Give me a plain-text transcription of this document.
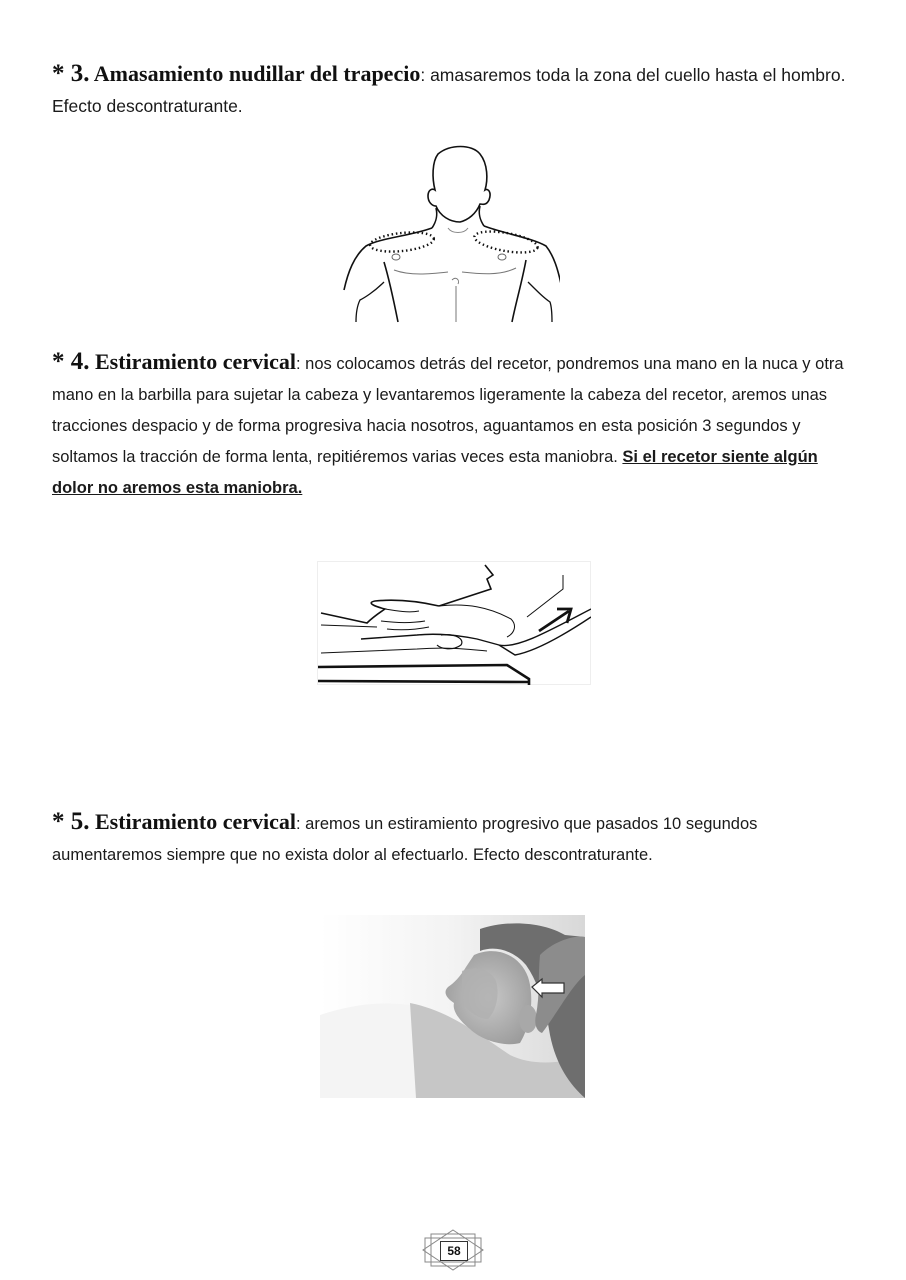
* 3. Amasamiento nudillar del trapecio: amasaremos toda la zona del cuello hasta el hombro. Efecto descontraturante.
* 4. Estiramiento cervical: nos colocamos detrás del recetor, pondremos una mano en la nuca y otra mano en la barbilla para sujetar la cabeza y levantaremos ligeramente la cabeza del recetor, aremos unas tracciones despacio y de forma progresiva hacia nosotros, aguantamos en esta posición 3 segundos y soltamos la tracción de forma lenta, repitiéremos varias veces esta maniobra. Si el recetor siente algún dolor no aremos esta maniobra.
* 5. Estiramiento cervical: aremos un estiramiento progresivo que pasados 10 segundos aumentaremos siempre que no exista dolor al efectuarlo. Efecto descontraturante.
58
